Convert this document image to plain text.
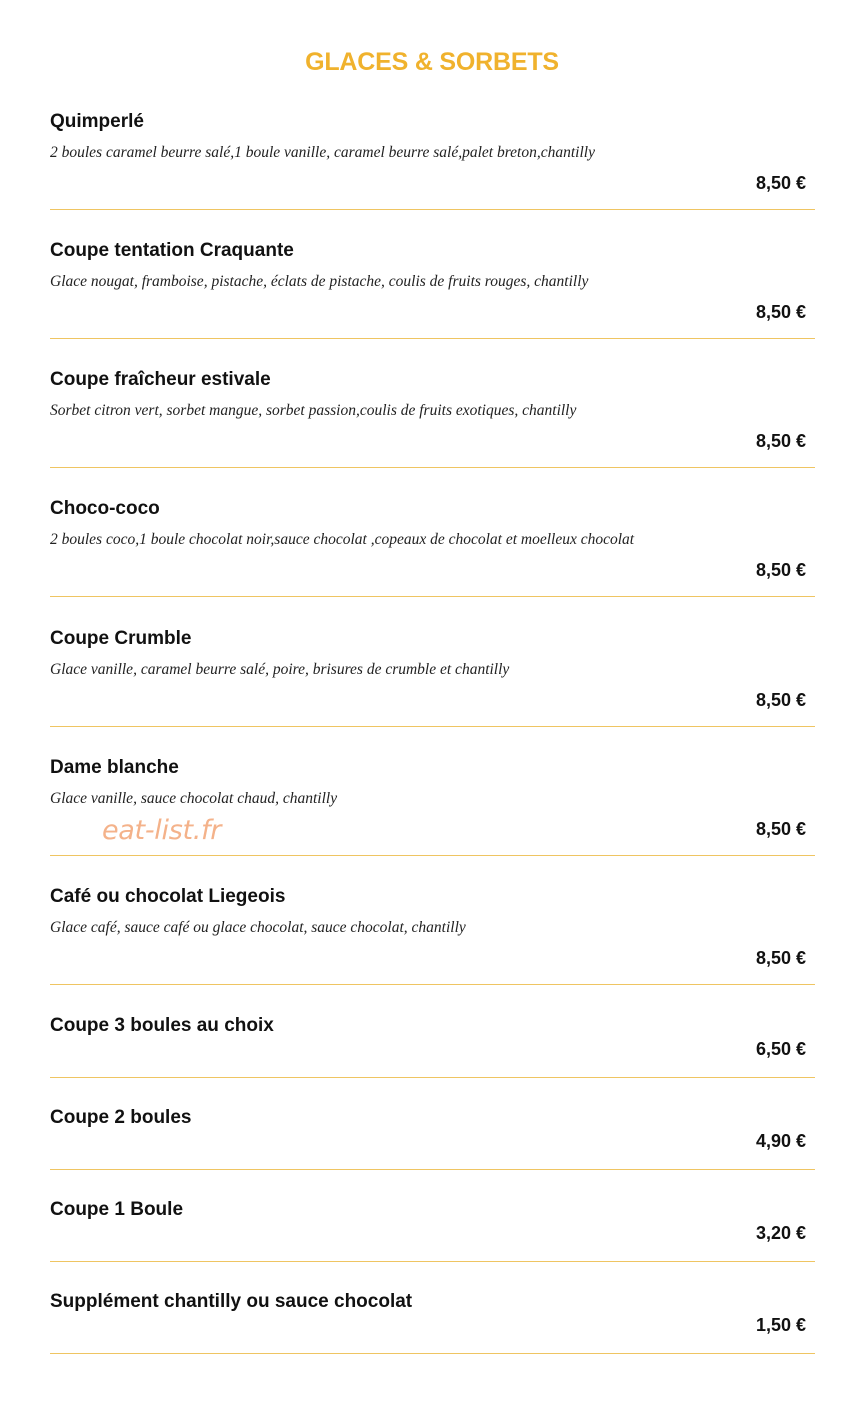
GLACES & SORBETS
Quimperlé

2 boules caramel beurre salé,1 boule vanille, caramel beurre salé,palet breton,chantilly

8,50 €
Coupe tentation Craquante

Glace nougat, framboise, pistache, éclats de pistache, coulis de fruits rouges, chantilly

8,50 €
Coupe fraîcheur estivale

Sorbet citron vert, sorbet mangue, sorbet passion,coulis de fruits exotiques, chantilly

8,50 €
Choco-coco

2 boules coco,1 boule chocolat noir,sauce chocolat ,copeaux de chocolat et moelleux chocolat

8,50 €
Coupe Crumble

Glace vanille, caramel beurre salé, poire, brisures de crumble et chantilly

8,50 €
Dame blanche

Glace vanille, sauce chocolat chaud, chantilly

8,50 €
Café ou chocolat Liegeois

Glace café, sauce café ou glace chocolat, sauce chocolat, chantilly

8,50 €
Coupe 3 boules au choix
6,50 €
Coupe 2 boules
4,90 €
Coupe 1 Boule
3,20 €
Supplément chantilly ou sauce chocolat
1,50 €
eat-list.fr
